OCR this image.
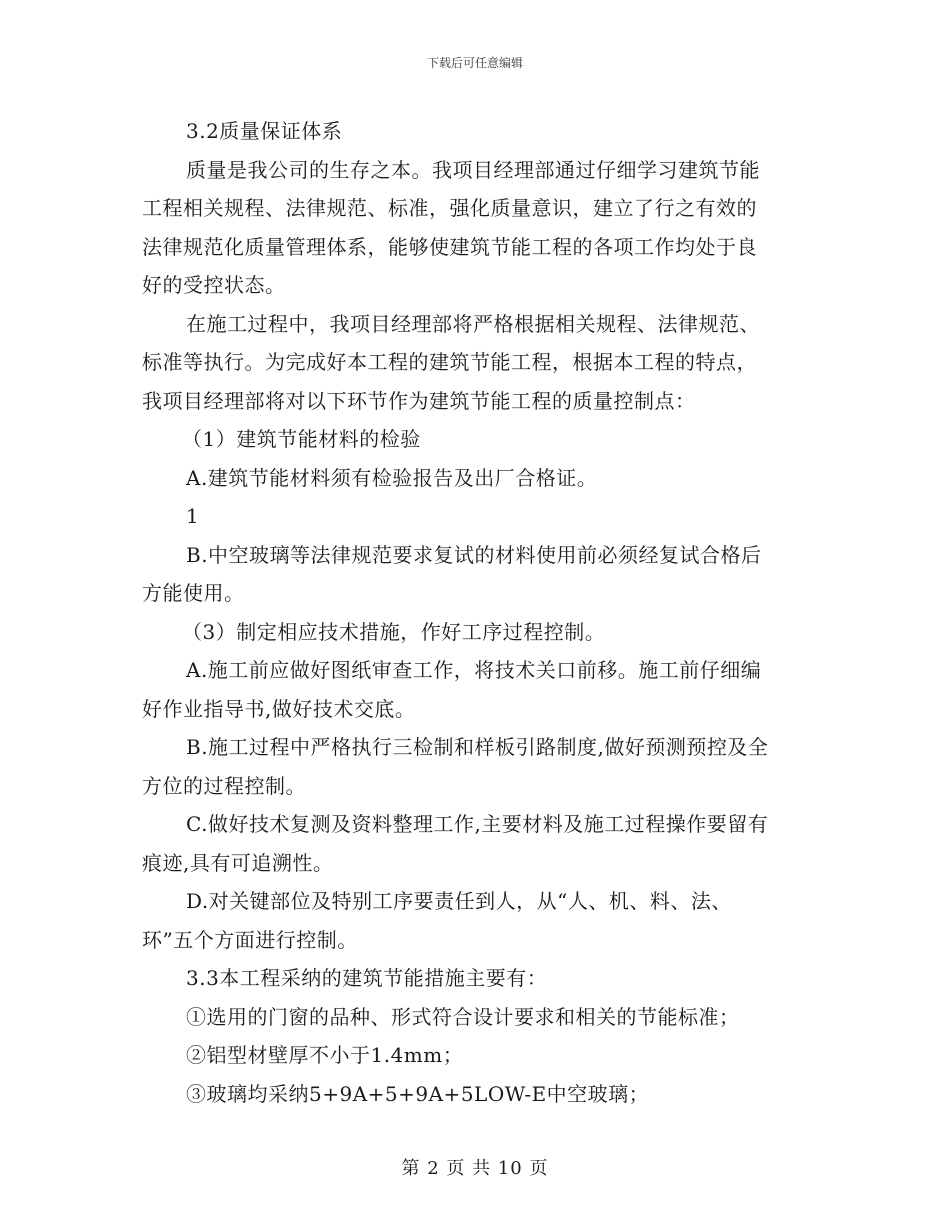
下载后可任意编辑
3.2质量保证体系
质量是我公司的生存之本。我项目经理部通过仔细学习建筑节能
工程相关规程、法律规范、标准，强化质量意识，建立了行之有效的
法律规范化质量管理体系，能够使建筑节能工程的各项工作均处于良
好的受控状态。
在施工过程中，我项目经理部将严格根据相关规程、法律规范、
标准等执行。为完成好本工程的建筑节能工程，根据本工程的特点，
我项目经理部将对以下环节作为建筑节能工程的质量控制点：
（1）建筑节能材料的检验
A.建筑节能材料须有检验报告及出厂合格证。
1
B.中空玻璃等法律规范要求复试的材料使用前必须经复试合格后
方能使用。
（3）制定相应技术措施，作好工序过程控制。
A.施工前应做好图纸审查工作，将技术关口前移。施工前仔细编
好作业指导书,做好技术交底。
B.施工过程中严格执行三检制和样板引路制度,做好预测预控及全
方位的过程控制。
C.做好技术复测及资料整理工作,主要材料及施工过程操作要留有
痕迹,具有可追溯性。
D.对关键部位及特别工序要责任到人，从“人、机、料、法、
环”五个方面进行控制。
3.3本工程采纳的建筑节能措施主要有：
①选用的门窗的品种、形式符合设计要求和相关的节能标准；
②铝型材壁厚不小于1.4mm；
③玻璃均采纳5+9A+5+9A+5LOW-E中空玻璃；
第 2 页 共 10 页
